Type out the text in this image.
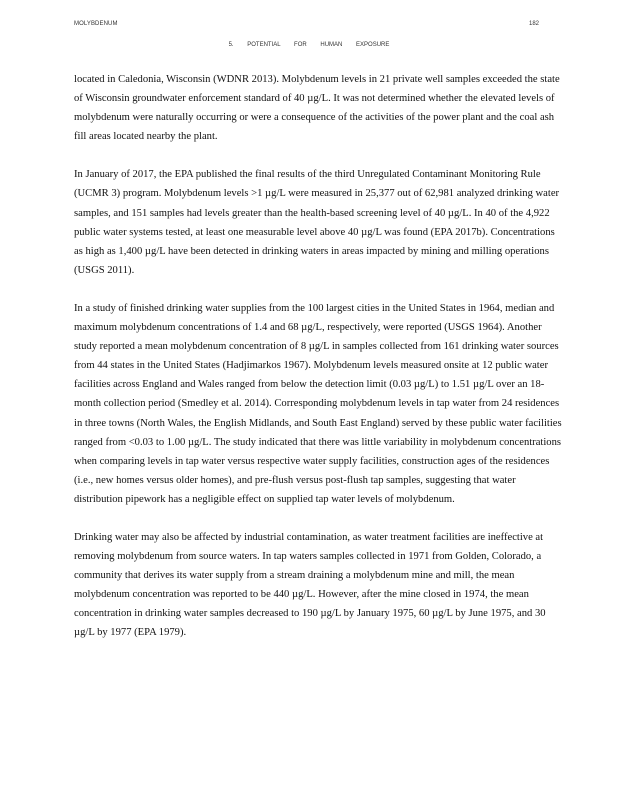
MOLYBDENUM	182
5. POTENTIAL FOR HUMAN EXPOSURE

located in Caledonia, Wisconsin (WDNR 2013). Molybdenum levels in 21 private well samples exceeded the state of Wisconsin groundwater enforcement standard of 40 µg/L. It was not determined whether the elevated levels of molybdenum were naturally occurring or were a consequence of the activities of the power plant and the coal ash fill areas located nearby the plant.

In January of 2017, the EPA published the final results of the third Unregulated Contaminant Monitoring Rule (UCMR 3) program. Molybdenum levels >1 µg/L were measured in 25,377 out of 62,981 analyzed drinking water samples, and 151 samples had levels greater than the health-based screening level of 40 µg/L. In 40 of the 4,922 public water systems tested, at least one measurable level above 40 µg/L was found (EPA 2017b). Concentrations as high as 1,400 µg/L have been detected in drinking waters in areas impacted by mining and milling operations (USGS 2011).

In a study of finished drinking water supplies from the 100 largest cities in the United States in 1964, median and maximum molybdenum concentrations of 1.4 and 68 µg/L, respectively, were reported (USGS 1964). Another study reported a mean molybdenum concentration of 8 µg/L in samples collected from 161 drinking water sources from 44 states in the United States (Hadjimarkos 1967). Molybdenum levels measured onsite at 12 public water facilities across England and Wales ranged from below the detection limit (0.03 µg/L) to 1.51 µg/L over an 18-month collection period (Smedley et al. 2014). Corresponding molybdenum levels in tap water from 24 residences in three towns (North Wales, the English Midlands, and South East England) served by these public water facilities ranged from <0.03 to 1.00 µg/L. The study indicated that there was little variability in molybdenum concentrations when comparing levels in tap water versus respective water supply facilities, construction ages of the residences (i.e., new homes versus older homes), and pre-flush versus post-flush tap samples, suggesting that water distribution pipework has a negligible effect on supplied tap water levels of molybdenum.

Drinking water may also be affected by industrial contamination, as water treatment facilities are ineffective at removing molybdenum from source waters. In tap waters samples collected in 1971 from Golden, Colorado, a community that derives its water supply from a stream draining a molybdenum mine and mill, the mean molybdenum concentration was reported to be 440 µg/L. However, after the mine closed in 1974, the mean concentration in drinking water samples decreased to 190 µg/L by January 1975, 60 µg/L by June 1975, and 30 µg/L by 1977 (EPA 1979).
